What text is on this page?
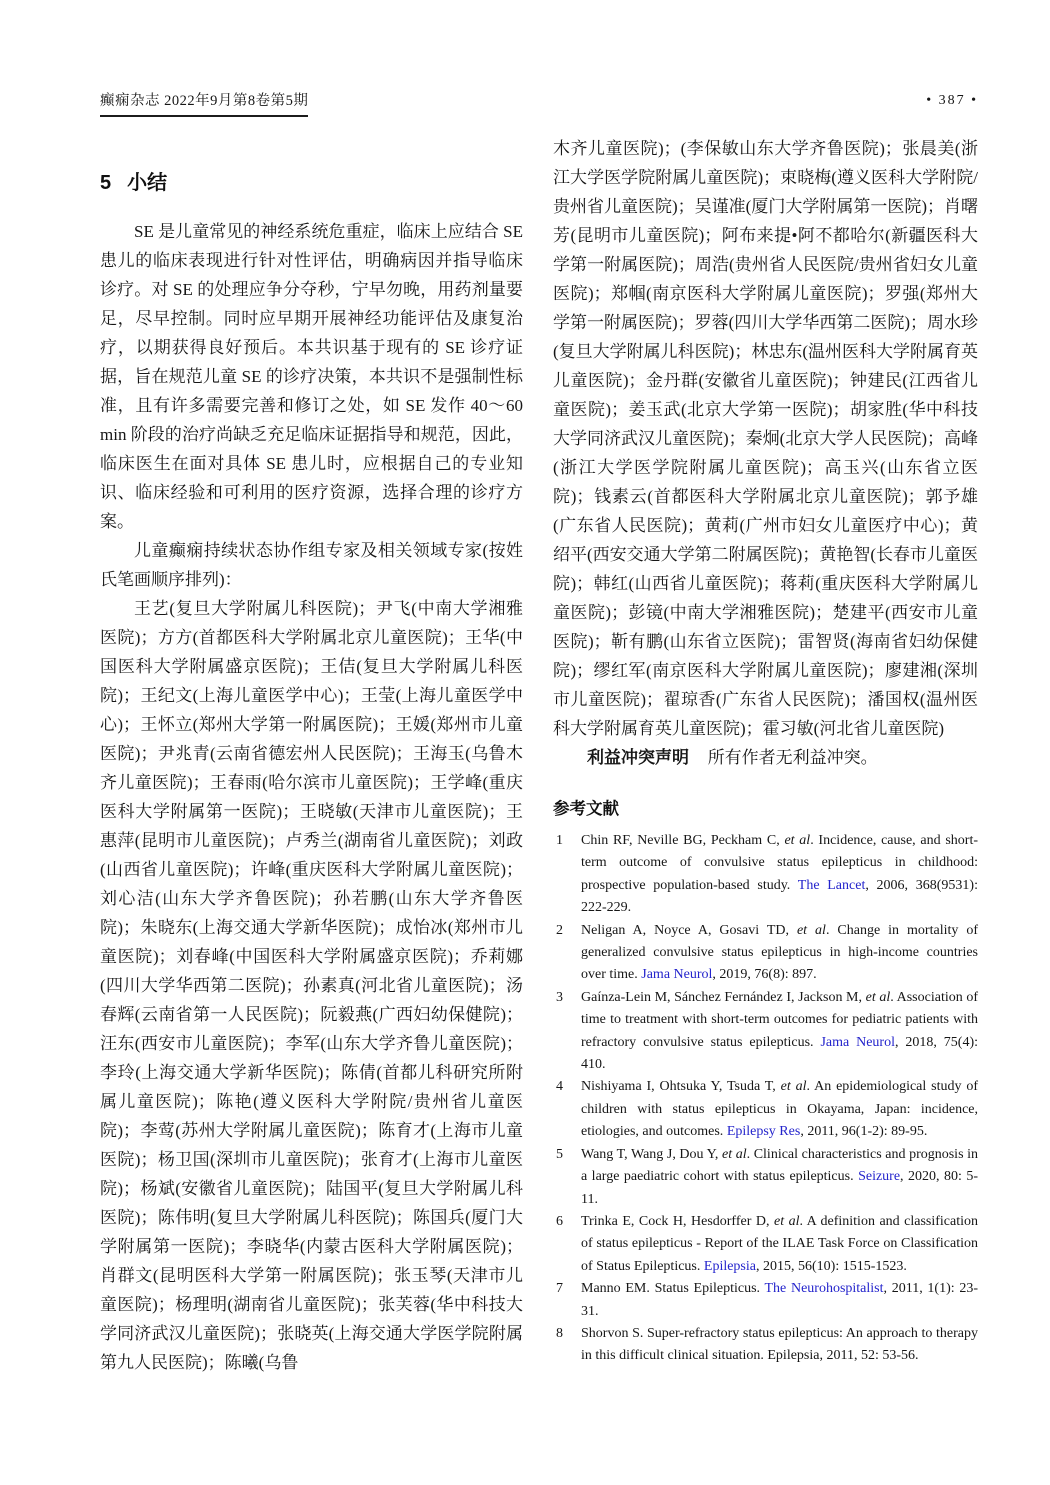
癫痫杂志 2022年9月第8卷第5期	• 387 •
5 小结

SE 是儿童常见的神经系统危重症，临床上应结合 SE 患儿的临床表现进行针对性评估，明确病因并指导临床诊疗。对 SE 的处理应争分夺秒，宁早勿晚，用药剂量要足，尽早控制。同时应早期开展神经功能评估及康复治疗，以期获得良好预后。本共识基于现有的 SE 诊疗证据，旨在规范儿童 SE 的诊疗决策，本共识不是强制性标准，且有许多需要完善和修订之处，如 SE 发作 40～60 min 阶段的治疗尚缺乏充足临床证据指导和规范，因此，临床医生在面对具体 SE 患儿时，应根据自己的专业知识、临床经验和可利用的医疗资源，选择合理的诊疗方案。

儿童癫痫持续状态协作组专家及相关领域专家(按姓氏笔画顺序排列)：

王艺(复旦大学附属儿科医院)；尹飞(中南大学湘雅医院)；方方(首都医科大学附属北京儿童医院)；王华(中国医科大学附属盛京医院)；王佶(复旦大学附属儿科医院)；王纪文(上海儿童医学中心)；王莹(上海儿童医学中心)；王怀立(郑州大学第一附属医院)；王媛(郑州市儿童医院)；尹兆青(云南省德宏州人民医院)；王海玉(乌鲁木齐儿童医院)；王春雨(哈尔滨市儿童医院)；王学峰(重庆医科大学附属第一医院)；王晓敏(天津市儿童医院)；王惠萍(昆明市儿童医院)；卢秀兰(湖南省儿童医院)；刘政(山西省儿童医院)；许峰(重庆医科大学附属儿童医院)；刘心洁(山东大学齐鲁医院)；孙若鹏(山东大学齐鲁医院)；朱晓东(上海交通大学新华医院)；成怡冰(郑州市儿童医院)；刘春峰(中国医科大学附属盛京医院)；乔莉娜(四川大学华西第二医院)；孙素真(河北省儿童医院)；汤春辉(云南省第一人民医院)；阮毅燕(广西妇幼保健院)；汪东(西安市儿童医院)；李军(山东大学齐鲁儿童医院)；李玲(上海交通大学新华医院)；陈倩(首都儿科研究所附属儿童医院)；陈艳(遵义医科大学附院/贵州省儿童医院)；李莺(苏州大学附属儿童医院)；陈育才(上海市儿童医院)；杨卫国(深圳市儿童医院)；张育才(上海市儿童医院)；杨斌(安徽省儿童医院)；陆国平(复旦大学附属儿科医院)；陈伟明(复旦大学附属儿科医院)；陈国兵(厦门大学附属第一医院)；李晓华(内蒙古医科大学附属医院)；肖群文(昆明医科大学第一附属医院)；张玉琴(天津市儿童医院)；杨理明(湖南省儿童医院)；张芙蓉(华中科技大学同济武汉儿童医院)；张晓英(上海交通大学医学院附属第九人民医院)；陈曦(乌鲁

木齐儿童医院)；(李保敏山东大学齐鲁医院)；张晨美(浙江大学医学院附属儿童医院)；束晓梅(遵义医科大学附院/贵州省儿童医院)；吴谨准(厦门大学附属第一医院)；肖曙芳(昆明市儿童医院)；阿布来提•阿不都哈尔(新疆医科大学第一附属医院)；周浩(贵州省人民医院/贵州省妇女儿童医院)；郑帼(南京医科大学附属儿童医院)；罗强(郑州大学第一附属医院)；罗蓉(四川大学华西第二医院)；周水珍(复旦大学附属儿科医院)；林忠东(温州医科大学附属育英儿童医院)；金丹群(安徽省儿童医院)；钟建民(江西省儿童医院)；姜玉武(北京大学第一医院)；胡家胜(华中科技大学同济武汉儿童医院)；秦炯(北京大学人民医院)；高峰(浙江大学医学院附属儿童医院)；高玉兴(山东省立医院)；钱素云(首都医科大学附属北京儿童医院)；郭予雄(广东省人民医院)；黄莉(广州市妇女儿童医疗中心)；黄绍平(西安交通大学第二附属医院)；黄艳智(长春市儿童医院)；韩红(山西省儿童医院)；蒋莉(重庆医科大学附属儿童医院)；彭镜(中南大学湘雅医院)；楚建平(西安市儿童医院)；靳有鹏(山东省立医院)；雷智贤(海南省妇幼保健院)；缪红军(南京医科大学附属儿童医院)；廖建湘(深圳市儿童医院)；翟琼香(广东省人民医院)；潘国权(温州医科大学附属育英儿童医院)；霍习敏(河北省儿童医院)

利益冲突声明 所有作者无利益冲突。

参考文献
1	Chin RF, Neville BG, Peckham C, et al. Incidence, cause, and short-term outcome of convulsive status epilepticus in childhood: prospective population-based study. The Lancet, 2006, 368(9531): 222-229.
2	Neligan A, Noyce A, Gosavi TD, et al. Change in mortality of generalized convulsive status epilepticus in high-income countries over time. Jama Neurol, 2019, 76(8): 897.
3	Gaínza-Lein M, Sánchez Fernández I, Jackson M, et al. Association of time to treatment with short-term outcomes for pediatric patients with refractory convulsive status epilepticus. Jama Neurol, 2018, 75(4): 410.
4	Nishiyama I, Ohtsuka Y, Tsuda T, et al. An epidemiological study of children with status epilepticus in Okayama, Japan: incidence, etiologies, and outcomes. Epilepsy Res, 2011, 96(1-2): 89-95.
5	Wang T, Wang J, Dou Y, et al. Clinical characteristics and prognosis in a large paediatric cohort with status epilepticus. Seizure, 2020, 80: 5-11.
6	Trinka E, Cock H, Hesdorffer D, et al. A definition and classification of status epilepticus - Report of the ILAE Task Force on Classification of Status Epilepticus. Epilepsia, 2015, 56(10): 1515-1523.
7	Manno EM. Status Epilepticus. The Neurohospitalist, 2011, 1(1): 23-31.
8	Shorvon S. Super-refractory status epilepticus: An approach to therapy in this difficult clinical situation. Epilepsia, 2011, 52: 53-56.
